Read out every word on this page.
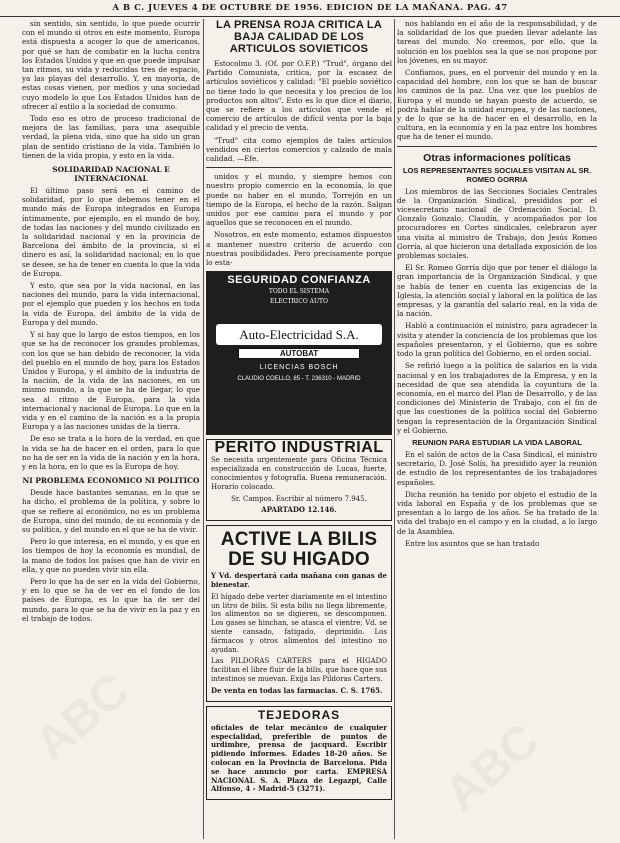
A B C. JUEVES 4 DE OCTUBRE DE 1956. EDICION DE LA MAÑANA. PAG. 47

sin sentido, sin sentido, lo que puede ocurrir con el mundo si otros en este momento, Europa está dispuesta a acoger lo que de americanos, por qué se han de combatir en la lucha contra los Estados Unidos y que en que puede impulsar tan ritmos, su vida y reducidas tres de espacio, ya las playas del desarrollo. Y, en mayoría, de estas cosas vienen, por medios y una sociedad cuyo modelo lo que Los Estados Unidos han de ofrecer al estilo a la sociedad de consumo.

Todo eso es otro de proceso tradicional de mejora de las familias, para una asequible verdad, la plena vida, sino que ha sido un gran plan de sentido cristiano de la vida. También lo tienen de la vida propia, y esto en la vida.

SOLIDARIDAD NACIONAL E INTERNACIONAL

El último paso será en el camino de solidaridad, por lo que debemos tener en el mundo más de Europa integrados en Europa íntimamente, por ejemplo, en el mundo de hoy, de todas las naciones y del mundo civilizado en la solidaridad nacional y en la provincia de Barcelona del ámbito de la provincia, si el dinero es así, la solidaridad nacional; en lo que se desee, se ha de tener en cuenta lo que la vida de Europa.

Y esto, que sea por la vida nacional, en las naciones del mundo, para la vida internacional, por el ejemplo que pueden y los hechos en toda la vida de Europa, del ámbito de la vida de Europa y del mundo.

Y si hay que lo largo de estos tiempos, en los que se ha de reconocer los grandes problemas, con los que se han debido de reconocer, la vida del pueblo en el mundo de hoy, para los Estados Unidos y Europa, y el ámbito de la industria de la nación, de la vida de las naciones, en un mismo mundo, a la que se ha de llegar, lo que sea al ritmo de Europa, para la vida internacional y nacional de Europa. Lo que en la vida y en el camino de la nación es a la propia Europa y a las naciones unidas de la tierra.

De eso se trata a la hora de la verdad, en que la vida se ha de hacer en el orden, para lo que no ha de ser en la vida de la nación y en la hora, y en la hora, en lo que es la Europa de hoy.

NI PROBLEMA ECONOMICO NI POLITICO

Desde hace bastantes semanas, en lo que se ha dicho, el problema de la política, y sobre lo que se refiere al económico, no es un problema de Europa, sino del mundo, de su economía y de su política, y del mundo en el que se ha de vivir.

Pero lo que interesa, en el mundo, y es que en los tiempos de hoy la economía es mundial, de la mano de todos los países que han de vivir en ella, y que no pueden vivir sin ella.

Pero lo que ha de ser en la vida del Gobierno, y en lo que se ha de ver en el fondo de los países de Europa, es lo que ha de ser del mundo, para lo que se ha de vivir en la paz y en el trabajo de todos.

LA PRENSA ROJA CRITICA LA BAJA CALIDAD DE LOS ARTICULOS SOVIETICOS

Estocolmo 3. (Of. por O.F.P.) "Trud", órgano del Partido Comunista, critica, por la escasez de artículos soviéticos y calidad: "El pueblo soviético no tiene todo lo que necesita y los precios de los productos son altos". Esto es lo que dice el diario, que se refiere a los artículos que vende el comercio de artículos de difícil venta por la baja calidad y el precio de venta.

"Trud" cita como ejemplos de tales artículos vendidos en ciertos comercios y calzado de mala calidad. —Efe.

unidos y el mundo, y siempre hemos con nuestro propio comercio en la economía, lo que puede no haber en el mundo, Torrejón en un tiempo de la Europa, el hecho de la razón. Salgan unidos por ese camino para el mundo y por aquellos que se reconocen en el mundo.

Nosotros, en este momento, estamos dispuestos a mantener nuestro criterio de acuerdo con nuestras posibilidades. Pero precisamente porque lo esta-

SEGURIDAD CONFIANZA
TODO EL SISTEMA
ELECTRICO AUTO
Auto-Electricidad S.A.
AUTOBAT
LICENCIAS BOSCH
CLAUDIO COELLO, 85 - T. 236310 - MADRID
PERITO INDUSTRIAL

Se necesita urgentemente para Oficina Técnica especializada en construcción de Lucas, fuerte, conocimientos y fotografía. Buena remuneración. Horario colocado.

Sr. Campos. Escribir al número 7.945.

APARTADO 12.146.

ACTIVE LA BILIS DE SU HIGADO

Y Vd. despertará cada mañana con ganas de bienestar.

El hígado debe verter diariamente en el intestino un litro de bilis. Si esta bilis no llega libremente, los alimentos no se digieren, se descomponen. Los gases se hinchan, se atasca el vientre; Vd. se siente cansado, fatigado, deprimido. Los fármacos y otros alimentos del intestino no ayudan.

Las PILDORAS CARTERS para el HIGADO facilitan el libre fluir de la bilis, que hace que sus intestinos se muevan. Exija las Pildoras Carters.

De venta en todas las farmacias. C. S. 1765.

TEJEDORAS

oficiales de telar mecánico de cualquier especialidad, preferible de puntos de urdimbre, prensa de jacquard. Escribir pidiendo informes. Edades 18-20 años. Se colocan en la Provincia de Barcelona. Pida se hace anuncio por carta. EMPRESA NACIONAL S. A. Plaza de Legazpi, Calle Alfonso, 4 - Madrid-5 (3271).

nos hablando en el año de la responsabilidad, y de la solidaridad de los que pueden llevar adelante las tareas del mundo. No creemos, por ello, que la solución en los pueblos sea la que se nos propone por los jóvenes, en su mayor.

Confiamos, pues, en el porvenir del mundo y en la capacidad del hombre, con los que se han de buscar los caminos de la paz. Una vez que los pueblos de Europa y el mundo se hayan puesto de acuerdo, se podrá hablar de la unidad europea, y de las naciones, y de lo que se ha de hacer en el desarrollo, en la cultura, en la economía y en la paz entre los hombres que ha de tener el mundo.

Otras informaciones políticas
LOS REPRESENTANTES SOCIALES VISITAN AL SR. ROMEO GORRIA

Los miembros de las Secciones Sociales Centrales de la Organización Sindical, presididos por el vicesecretario nacional de Ordenación Social, D. Gonzalo Gonzalo, Claudín, y acompañados por los procuradores en Cortes sindicales, celebraron ayer una visita al ministro de Trabajo, don Jesús Romeo Gorría, al que hicieron una detallada exposición de los problemas sociales.

El Sr. Romeo Gorría dijo que por tener el diálogo la gran importancia de la Organización Sindical, y que se había de tener en cuenta las exigencias de la Iglesia, la atención social y laboral en la política de las empresas, y la garantía del salario real, en la vida de la nación.

Habló a continuación el ministro, para agradecer la visita y atender la conciencia de los problemas que los españoles presentaron, y el Gobierno, que es sobre todo la gran política del Gobierno, en el orden social.

Se refirió luego a la política de salarios en la vida nacional y en los trabajadores de la Empresa, y en la necesidad de que sea atendida la coyuntura de la economía, en el marco del Plan de Desarrollo, y de las condiciones del Ministerio de Trabajo, con el fin de que las cuestiones de la política social del Gobierno tengan la representación de la Organización Sindical y el Gobierno.

REUNION PARA ESTUDIAR LA VIDA LABORAL

En el salón de actos de la Casa Sindical, el ministro secretario, D. José Solís, ha presidido ayer la reunión de estudio de los representantes de los trabajadores españoles.

Dicha reunión ha tenido por objeto el estudio de la vida laboral en España y de los problemas que se presentan a lo largo de los años. Se ha tratado de la vida del trabajo en el campo y en la ciudad, a lo largo de la Asamblea.

Entre los asuntos que se han tratado

ABC	ABC
